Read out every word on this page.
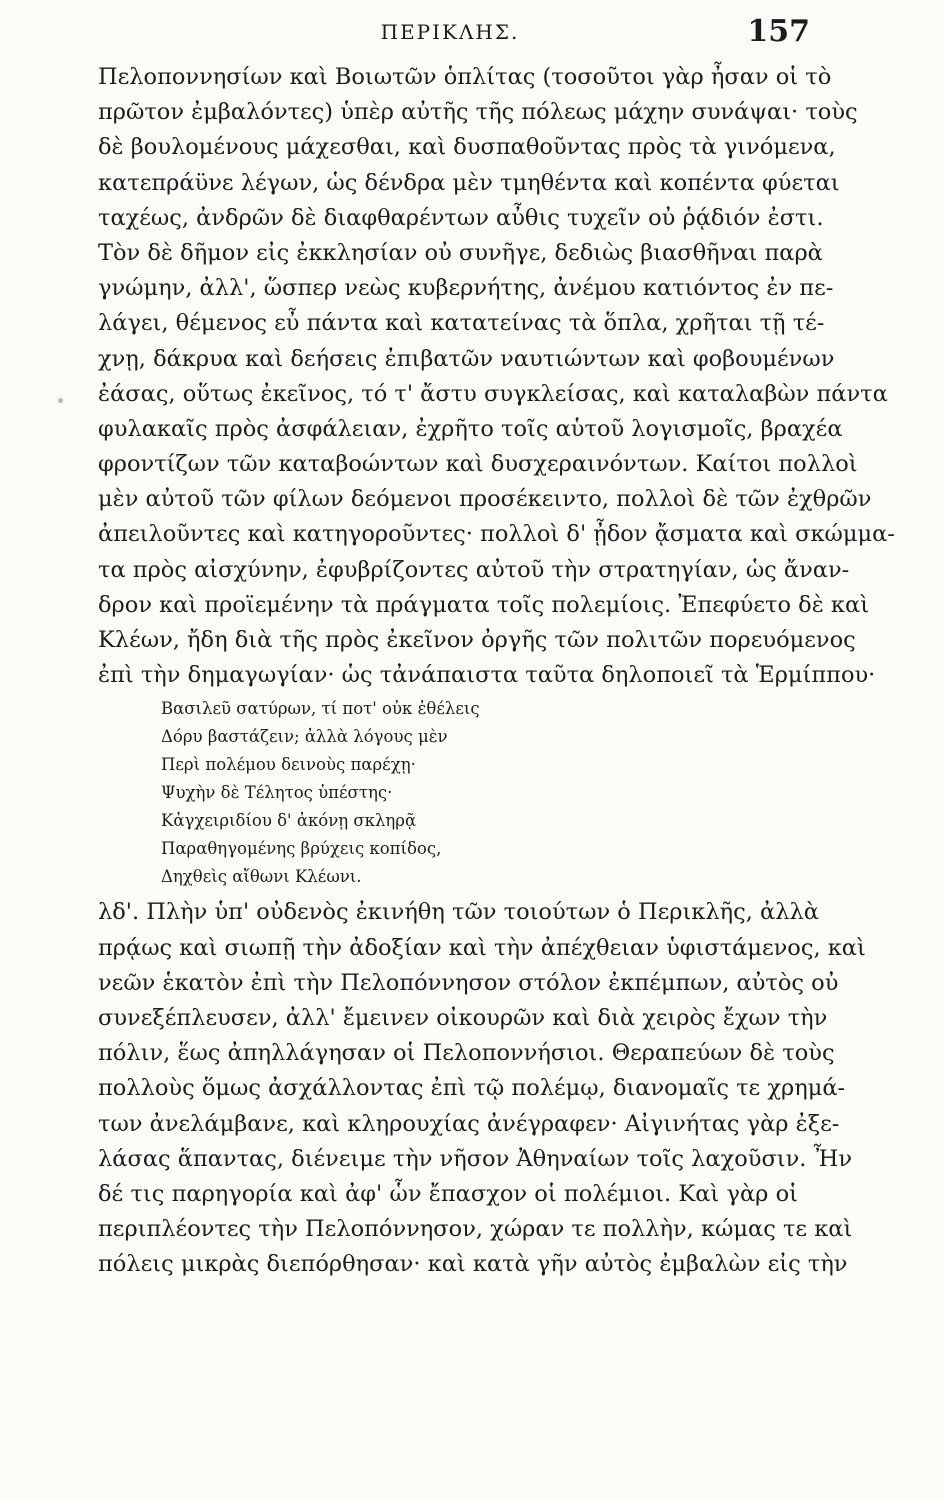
ΠΕΡΙΚΛΗΣ.	157
Πελοποννησίων καὶ Βοιωτῶν ὁπλίτας (τοσοῦτοι γὰρ ἦσαν οἱ τὸ
πρῶτον ἐμβαλόντες) ὑπὲρ αὐτῆς τῆς πόλεως μάχην συνάψαι· τοὺς
δὲ βουλομένους μάχεσθαι, καὶ δυσπαθοῦντας πρὸς τὰ γινόμενα,
κατεπράϋνε λέγων, ὡς δένδρα μὲν τμηθέντα καὶ κοπέντα φύεται
ταχέως, ἀνδρῶν δὲ διαφθαρέντων αὖθις τυχεῖν οὐ ῥᾴδιόν ἐστι.
Τὸν δὲ δῆμον εἰς ἐκκλησίαν οὐ συνῆγε, δεδιὼς βιασθῆναι παρὰ
γνώμην, ἀλλ', ὥσπερ νεὼς κυβερνήτης, ἀνέμου κατιόντος ἐν πε-
λάγει, θέμενος εὖ πάντα καὶ κατατείνας τὰ ὅπλα, χρῆται τῇ τέ-
χνῃ, δάκρυα καὶ δεήσεις ἐπιβατῶν ναυτιώντων καὶ φοβουμένων
ἐάσας, οὕτως ἐκεῖνος, τό τ' ἄστυ συγκλείσας, καὶ καταλαβὼν πάντα
φυλακαῖς πρὸς ἀσφάλειαν, ἐχρῆτο τοῖς αὑτοῦ λογισμοῖς, βραχέα
φροντίζων τῶν καταβοώντων καὶ δυσχεραινόντων. Καίτοι πολλοὶ
μὲν αὐτοῦ τῶν φίλων δεόμενοι προσέκειντο, πολλοὶ δὲ τῶν ἐχθρῶν
ἀπειλοῦντες καὶ κατηγοροῦντες· πολλοὶ δ' ᾖδον ᾄσματα καὶ σκώμμα-
τα πρὸς αἰσχύνην, ἐφυβρίζοντες αὐτοῦ τὴν στρατηγίαν, ὡς ἄναν-
δρον καὶ προϊεμένην τὰ πράγματα τοῖς πολεμίοις. Ἐπεφύετο δὲ καὶ
Κλέων, ἤδη διὰ τῆς πρὸς ἐκεῖνον ὀργῆς τῶν πολιτῶν πορευόμενος
ἐπὶ τὴν δημαγωγίαν· ὡς τἀνάπαιστα ταῦτα δηλοποιεῖ τὰ Ἑρμίππου·
Βασιλεῦ σατύρων, τί ποτ' οὐκ ἐθέλεις
Δόρυ βαστάζειν; ἀλλὰ λόγους μὲν
Περὶ πολέμου δεινοὺς παρέχῃ·
Ψυχὴν δὲ Τέλητος ὑπέστης·
Κἀγχειριδίου δ' ἀκόνῃ σκληρᾷ
Παραθηγομένης βρύχεις κοπίδος,
Δηχθεὶς αἴθωνι Κλέωνι.
λδ'. Πλὴν ὑπ' οὐδενὸς ἐκινήθη τῶν τοιούτων ὁ Περικλῆς, ἀλλὰ
πρᾴως καὶ σιωπῇ τὴν ἀδοξίαν καὶ τὴν ἀπέχθειαν ὑφιστάμενος, καὶ
νεῶν ἑκατὸν ἐπὶ τὴν Πελοπόννησον στόλον ἐκπέμπων, αὐτὸς οὐ
συνεξέπλευσεν, ἀλλ' ἔμεινεν οἰκουρῶν καὶ διὰ χειρὸς ἔχων τὴν
πόλιν, ἕως ἀπηλλάγησαν οἱ Πελοποννήσιοι. Θεραπεύων δὲ τοὺς
πολλοὺς ὅμως ἀσχάλλοντας ἐπὶ τῷ πολέμῳ, διανομαῖς τε χρημά-
των ἀνελάμβανε, καὶ κληρουχίας ἀνέγραφεν· Αἰγινήτας γὰρ ἐξε-
λάσας ἅπαντας, διένειμε τὴν νῆσον Ἀθηναίων τοῖς λαχοῦσιν. Ἦν
δέ τις παρηγορία καὶ ἀφ' ὧν ἔπασχον οἱ πολέμιοι. Καὶ γὰρ οἱ
περιπλέοντες τὴν Πελοπόννησον, χώραν τε πολλὴν, κώμας τε καὶ
πόλεις μικρὰς διεπόρθησαν· καὶ κατὰ γῆν αὐτὸς ἐμβαλὼν εἰς τὴν
